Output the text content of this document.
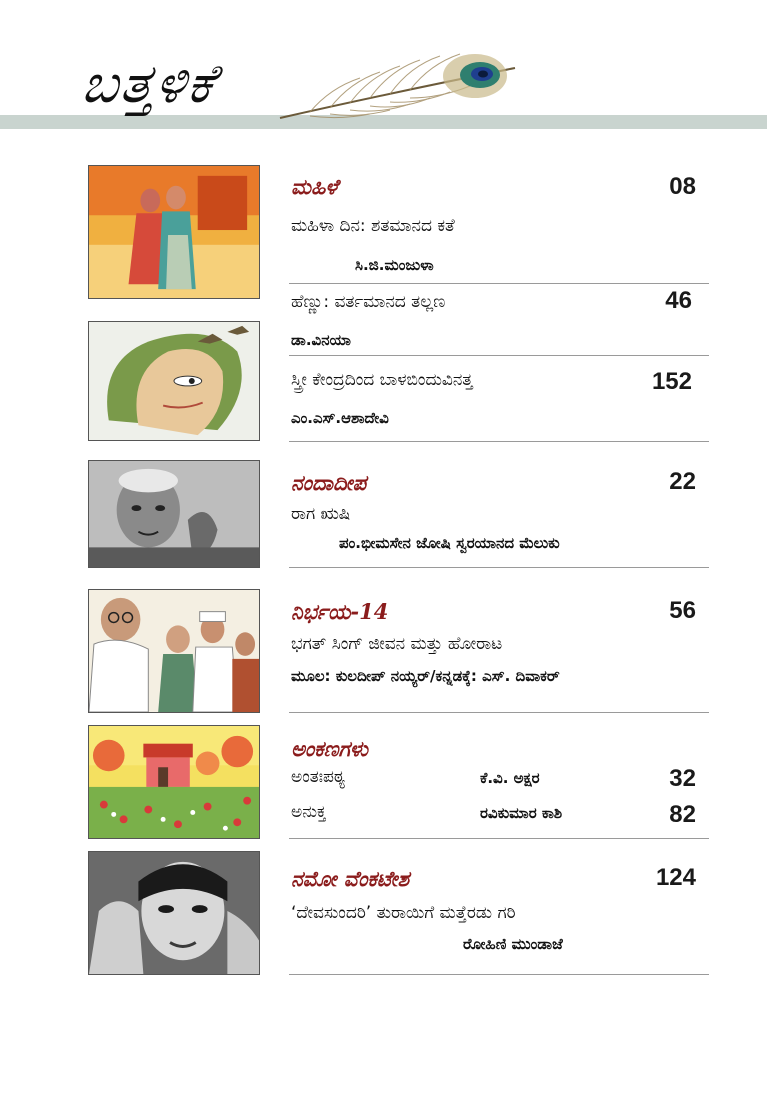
ಬತ್ತಳಿಕೆ
ಮಹಿಳೆ	08
ಮಹಿಳಾ ದಿನ: ಶತಮಾನದ ಕತೆ
ಸಿ.ಜಿ.ಮಂಜುಳಾ
ಹೆಣ್ಣು: ವರ್ತಮಾನದ ತಲ್ಲಣ	46
ಡಾ.ವಿನಯಾ
ಸ್ತ್ರೀ ಕೇಂದ್ರದಿಂದ ಬಾಳಬಿಂದುವಿನತ್ತ	152
ಎಂ.ಎಸ್.ಆಶಾದೇವಿ
ನಂದಾದೀಪ	22
ರಾಗ ಋಷಿ
ಪಂ.ಭೀಮಸೇನ ಜೋಷಿ ಸ್ವರಯಾನದ ಮೆಲುಕು
ನಿರ್ಭಯ-14	56
ಭಗತ್ ಸಿಂಗ್ ಜೀವನ ಮತ್ತು ಹೋರಾಟ
ಮೂಲ: ಕುಲದೀಪ್ ನಯ್ಯರ್/ಕನ್ನಡಕ್ಕೆ: ಎಸ್. ದಿವಾಕರ್
ಅಂಕಣಗಳು
ಅಂತಃಪಠ್ಯ	ಕೆ.ವಿ. ಅಕ್ಷರ	32
ಅನುಕ್ತ	ರವಿಕುಮಾರ ಕಾಶಿ	82
ನಮೋ ವೆಂಕಟೇಶ	124
‘ದೇವಸುಂದರಿ’ ತುರಾಯಿಗೆ ಮತ್ತೆರಡು ಗರಿ
ರೋಹಿಣಿ ಮುಂಡಾಜೆ
